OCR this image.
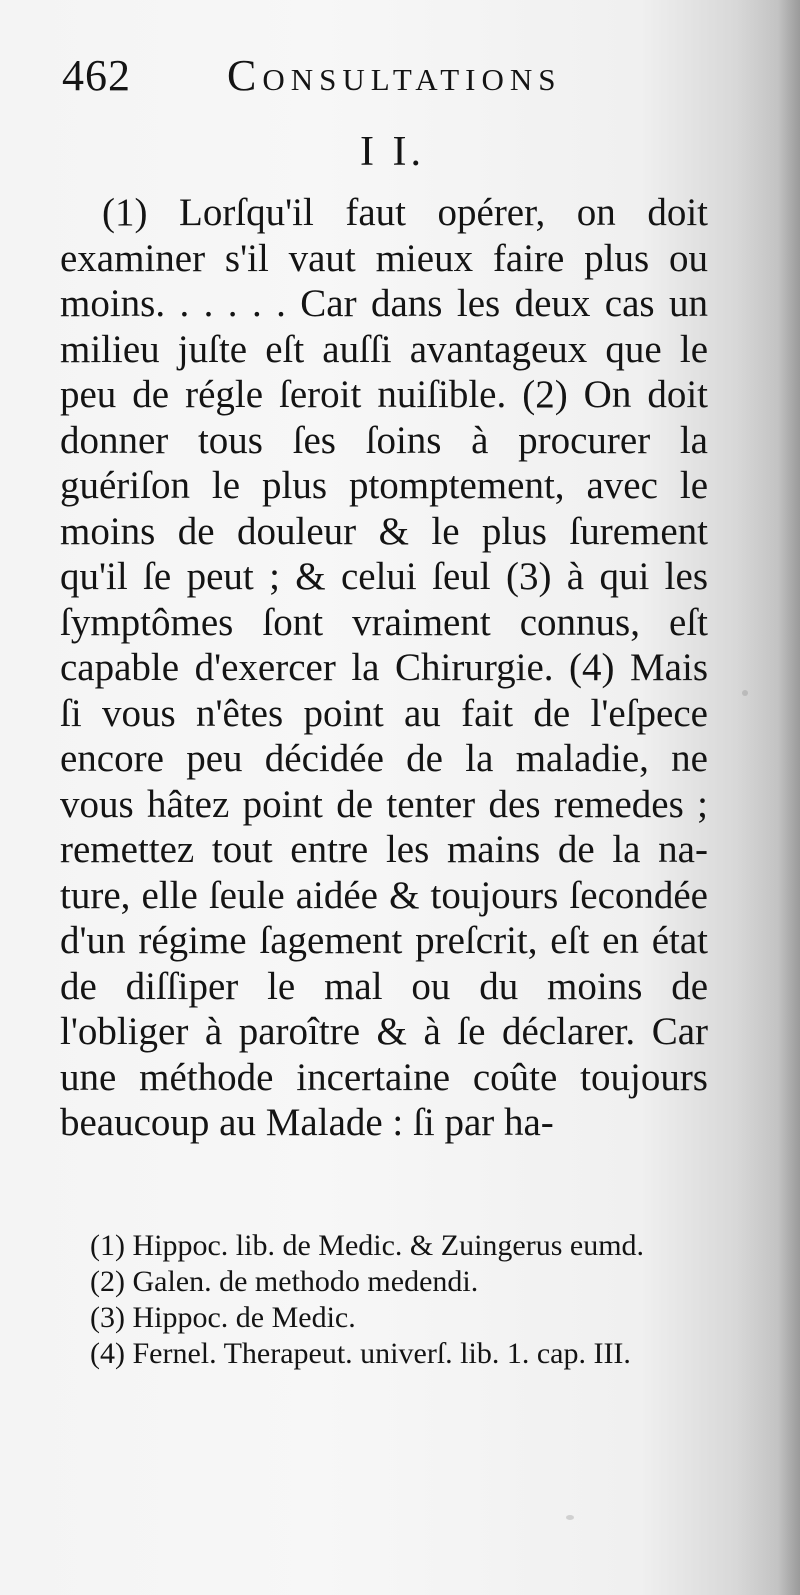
462 Consultations
I I.

(1) Lorſqu'il faut opérer, on doit examiner s'il vaut mieux faire plus ou moins. . . . . . Car dans les deux cas un milieu juſte eſt auſſi avantageux que le peu de régle ſeroit nuiſible. (2) On doit donner tous ſes ſoins à procurer la guériſon le plus ptomptement, avec le moins de douleur & le plus ſurement qu'il ſe peut ; & celui ſeul (3) à qui les ſymptômes ſont vraiment connus, eſt capable d'exercer la Chirurgie. (4) Mais ſi vous n'êtes point au fait de l'eſpece encore peu décidée de la maladie, ne vous hâtez point de tenter des remedes ; remettez tout entre les mains de la nature, elle ſeule aidée & toujours ſecondée d'un régime ſagement preſcrit, eſt en état de diſſiper le mal ou du moins de l'obliger à paroître & à ſe déclarer. Car une méthode incertaine coûte toujours beaucoup au Malade : ſi par ha-

(1) Hippoc. lib. de Medic. & Zuingerus eumd.

(2) Galen. de methodo medendi.

(3) Hippoc. de Medic.

(4) Fernel. Therapeut. univerſ. lib. 1. cap. III.
